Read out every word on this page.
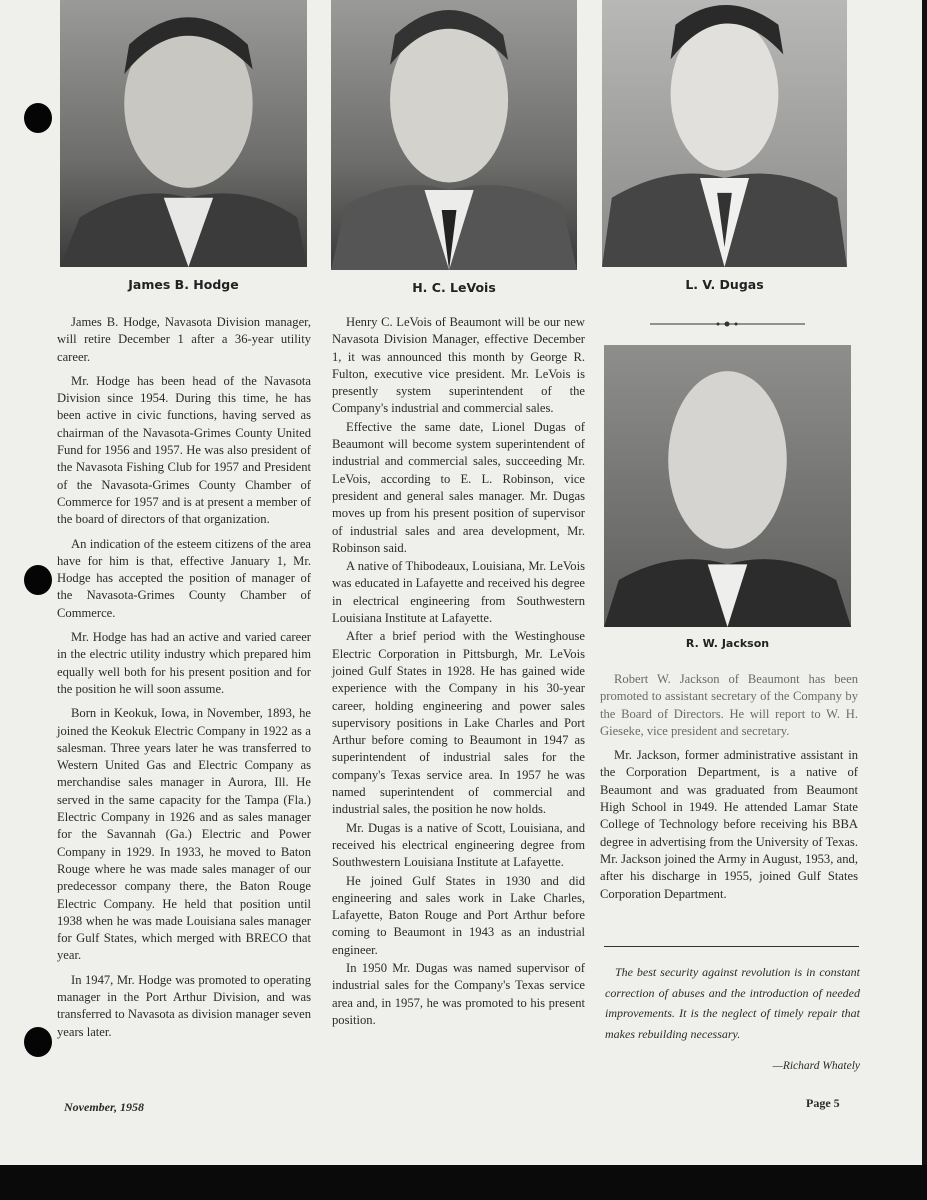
James B. Hodge	H. C. LeVois	L. V. Dugas
R. W. Jackson

James B. Hodge, Navasota Division manager, will retire December 1 after a 36-year utility career.

Mr. Hodge has been head of the Navasota Division since 1954. During this time, he has been active in civic functions, having served as chairman of the Navasota-Grimes County United Fund for 1956 and 1957. He was also president of the Navasota Fishing Club for 1957 and President of the Navasota-Grimes County Chamber of Commerce for 1957 and is at present a member of the board of directors of that organization.

An indication of the esteem citizens of the area have for him is that, effective January 1, Mr. Hodge has accepted the position of manager of the Navasota-Grimes County Chamber of Commerce.

Mr. Hodge has had an active and varied career in the electric utility industry which prepared him equally well both for his present position and for the position he will soon assume.

Born in Keokuk, Iowa, in November, 1893, he joined the Keokuk Electric Company in 1922 as a salesman. Three years later he was transferred to Western United Gas and Electric Company as merchandise sales manager in Aurora, Ill. He served in the same capacity for the Tampa (Fla.) Electric Company in 1926 and as sales manager for the Savannah (Ga.) Electric and Power Company in 1929. In 1933, he moved to Baton Rouge where he was made sales manager of our predecessor company there, the Baton Rouge Electric Company. He held that position until 1938 when he was made Louisiana sales manager for Gulf States, which merged with BRECO that year.

In 1947, Mr. Hodge was promoted to operating manager in the Port Arthur Division, and was transferred to Navasota as division manager seven years later.

Henry C. LeVois of Beaumont will be our new Navasota Division Manager, effective December 1, it was announced this month by George R. Fulton, executive vice president. Mr. LeVois is presently system superintendent of the Company's industrial and commercial sales.

Effective the same date, Lionel Dugas of Beaumont will become system superintendent of industrial and commercial sales, succeeding Mr. LeVois, according to E. L. Robinson, vice president and general sales manager. Mr. Dugas moves up from his present position of supervisor of industrial sales and area development, Mr. Robinson said.

A native of Thibodeaux, Louisiana, Mr. LeVois was educated in Lafayette and received his degree in electrical engineering from Southwestern Louisiana Institute at Lafayette.

After a brief period with the Westinghouse Electric Corporation in Pittsburgh, Mr. LeVois joined Gulf States in 1928. He has gained wide experience with the Company in his 30-year career, holding engineering and power sales supervisory positions in Lake Charles and Port Arthur before coming to Beaumont in 1947 as superintendent of industrial sales for the company's Texas service area. In 1957 he was named superintendent of commercial and industrial sales, the position he now holds.

Mr. Dugas is a native of Scott, Louisiana, and received his electrical engineering degree from Southwestern Louisiana Institute at Lafayette.

He joined Gulf States in 1930 and did engineering and sales work in Lake Charles, Lafayette, Baton Rouge and Port Arthur before coming to Beaumont in 1943 as an industrial engineer.

In 1950 Mr. Dugas was named supervisor of industrial sales for the Company's Texas service area and, in 1957, he was promoted to his present position.

Robert W. Jackson of Beaumont has been promoted to assistant secretary of the Company by the Board of Directors. He will report to W. H. Gieseke, vice president and secretary.

Mr. Jackson, former administrative assistant in the Corporation Department, is a native of Beaumont and was graduated from Beaumont High School in 1949. He attended Lamar State College of Technology before receiving his BBA degree in advertising from the University of Texas. Mr. Jackson joined the Army in August, 1953, and, after his discharge in 1955, joined Gulf States Corporation Department.

The best security against revolution is in constant correction of abuses and the introduction of needed improvements. It is the neglect of timely repair that makes rebuilding necessary.

—Richard Whately
November, 1958	Page 5
